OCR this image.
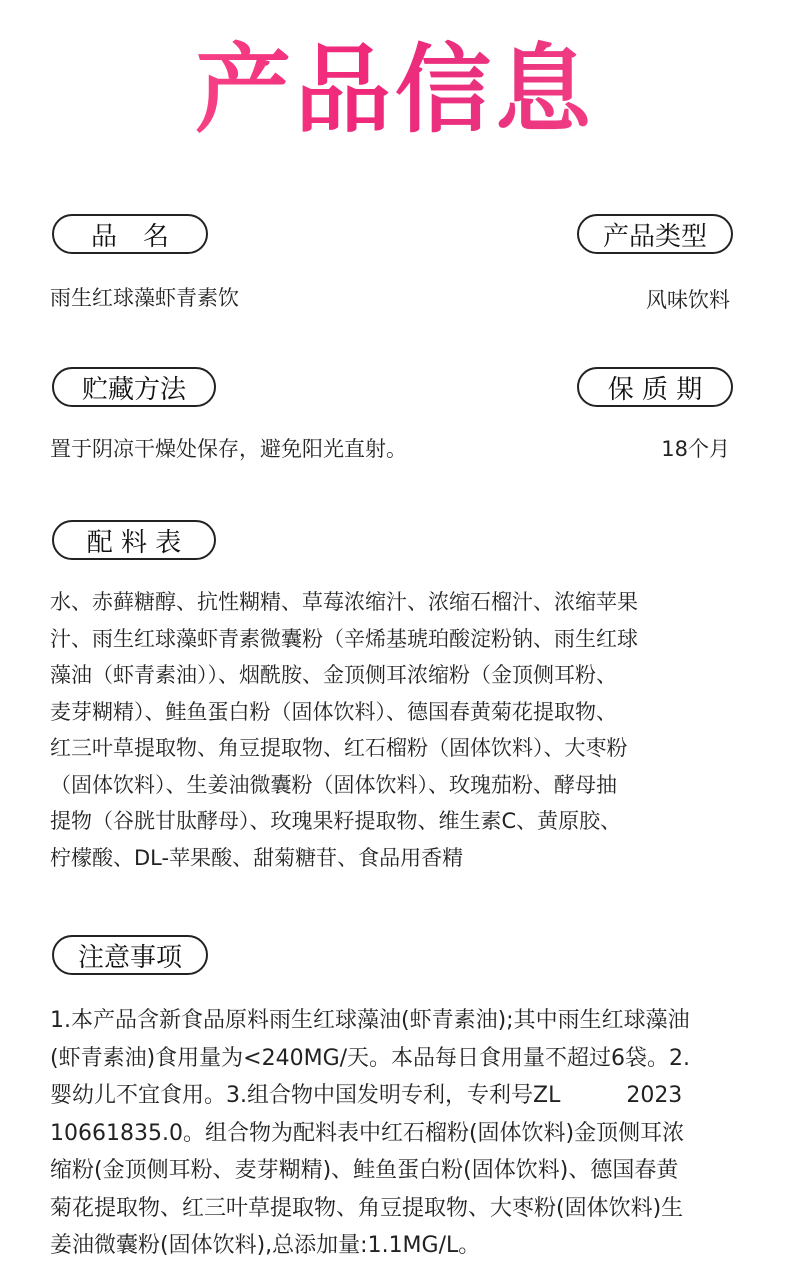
产品信息
品　名	产品类型
雨生红球藻虾青素饮	风味饮料
贮藏方法	保 质 期
置于阴凉干燥处保存，避免阳光直射。	18个月
配 料 表
水、赤藓糖醇、抗性糊精、草莓浓缩汁、浓缩石榴汁、浓缩苹果
汁、雨生红球藻虾青素微囊粉（辛烯基琥珀酸淀粉钠、雨生红球
藻油（虾青素油））、烟酰胺、金顶侧耳浓缩粉（金顶侧耳粉、
麦芽糊精）、鲑鱼蛋白粉（固体饮料）、德国春黄菊花提取物、
红三叶草提取物、角豆提取物、红石榴粉（固体饮料）、大枣粉
（固体饮料）、生姜油微囊粉（固体饮料）、玫瑰茄粉、酵母抽
提物（谷胱甘肽酵母）、玫瑰果籽提取物、维生素C、黄原胶、
柠檬酸、DL-苹果酸、甜菊糖苷、食品用香精
注意事项
1.本产品含新食品原料雨生红球藻油(虾青素油);其中雨生红球藻油
(虾青素油)食用量为<240MG/天。本品每日食用量不超过6袋。2.
婴幼儿不宜食用。3.组合物中国发明专利，专利号ZL　　　2023
10661835.0。组合物为配料表中红石榴粉(固体饮料)金顶侧耳浓
缩粉(金顶侧耳粉、麦芽糊精)、鲑鱼蛋白粉(固体饮料)、德国春黄
菊花提取物、红三叶草提取物、角豆提取物、大枣粉(固体饮料)生
姜油微囊粉(固体饮料),总添加量:1.1MG/L。
